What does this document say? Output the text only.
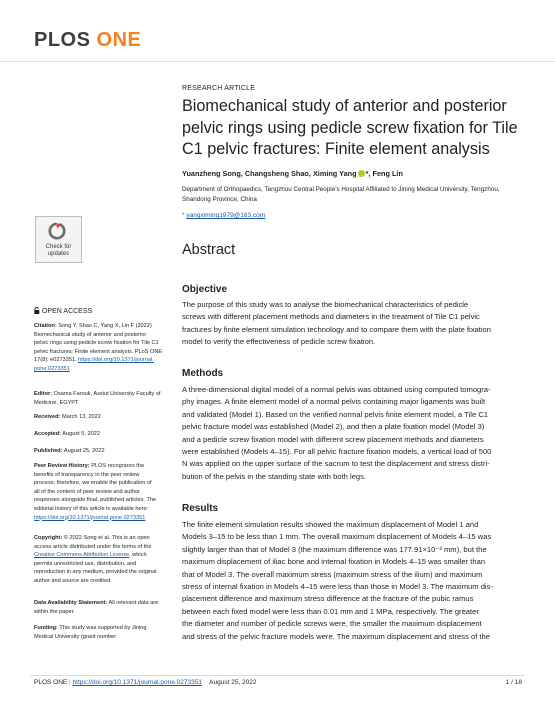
PLOS ONE
Check for
updates
OPEN ACCESS
Citation: Song Y, Shao C, Yang X, Lin F (2022)
Biomechanical study of anterior and posterior
pelvic rings using pedicle screw fixation for Tile C1
pelvic fractures: Finite element analysis. PLoS ONE
17(8): e0273351. https://doi.org/10.1371/journal.
pone.0273351
Editor: Osama Farouk, Assiut University Faculty of
Medicine, EGYPT
Received: March 13, 2022
Accepted: August 5, 2022
Published: August 25, 2022
Peer Review History: PLOS recognizes the
benefits of transparency in the peer review
process; therefore, we enable the publication of
all of the content of peer review and author
responses alongside final, published articles. The
editorial history of this article is available here:
https://doi.org/10.1371/journal.pone.0273351
Copyright: © 2022 Song et al. This is an open
access article distributed under the terms of the
Creative Commons Attribution License, which
permits unrestricted use, distribution, and
reproduction in any medium, provided the original
author and source are credited.
Data Availability Statement: All relevant data are
within the paper.
Funding: This study was supported by Jining
Medical University (grant number
RESEARCH ARTICLE
Biomechanical study of anterior and posterior pelvic rings using pedicle screw fixation for Tile C1 pelvic fractures: Finite element analysis
Yuanzheng Song, Changsheng Shao, Ximing Yang *, Feng Lin
Department of Orthopaedics, Tengzhou Central People’s Hospital Affiliated to Jining Medical University, Tengzhou, Shandong Province, China
* yangximing1979@163.com
Abstract
Objective
The purpose of this study was to analyse the biomechanical characteristics of pedicle
screws with different placement methods and diameters in the treatment of Tile C1 pelvic
fractures by finite element simulation technology and to compare them with the plate fixation
model to verify the effectiveness of pedicle screw fixation.
Methods
A three-dimensional digital model of a normal pelvis was obtained using computed tomogra-
phy images. A finite element model of a normal pelvis containing major ligaments was built
and validated (Model 1). Based on the verified normal pelvis finite element model, a Tile C1
pelvic fracture model was established (Model 2), and then a plate fixation model (Model 3)
and a pedicle screw fixation model with different screw placement methods and diameters
were established (Models 4–15). For all pelvic fracture fixation models, a vertical load of 500
N was applied on the upper surface of the sacrum to test the displacement and stress distri-
bution of the pelvis in the standing state with both legs.
Results
The finite element simulation results showed the maximum displacement of Model 1 and
Models 3–15 to be less than 1 mm. The overall maximum displacement of Models 4–15 was
slightly larger than that of Model 3 (the maximum difference was 177.91×10⁻³ mm), but the
maximum displacement of iliac bone and internal fixation in Models 4–15 was smaller than
that of Model 3. The overall maximum stress (maximum stress of the ilium) and maximum
stress of internal fixation in Models 4–15 were less than those in Model 3. The maximum dis-
placement difference and maximum stress difference at the fracture of the pubic ramus
between each fixed model were less than 0.01 mm and 1 MPa, respectively. The greater
the diameter and number of pedicle screws were, the smaller the maximum displacement
and stress of the pelvic fracture models were. The maximum displacement and stress of the
PLOS ONE | https://doi.org/10.1371/journal.pone.0273351 August 25, 2022	1 / 18
